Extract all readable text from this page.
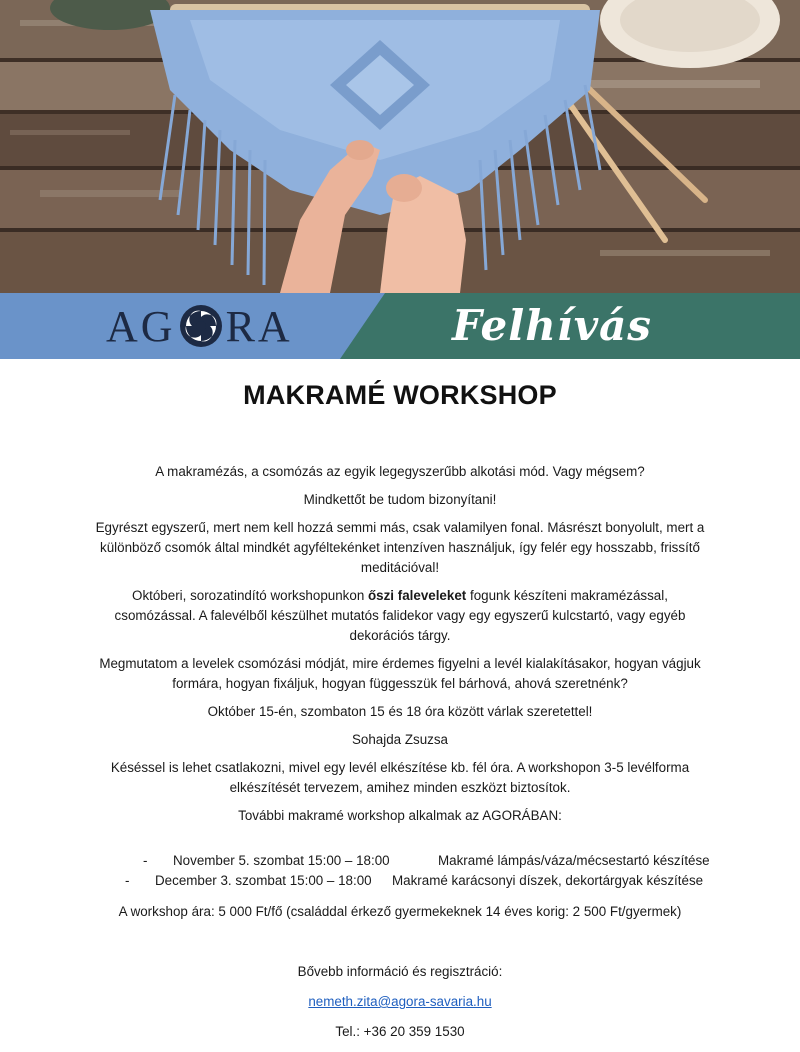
AG RA	Felhívás
MAKRAMÉ WORKSHOP

A makramézás, a csomózás az egyik legegyszerűbb alkotási mód. Vagy mégsem?

Mindkettőt be tudom bizonyítani!

Egyrészt egyszerű, mert nem kell hozzá semmi más, csak valamilyen fonal. Másrészt bonyolult, mert a különböző csomók által mindkét agyféltekénket intenzíven használjuk, így felér egy hosszabb, frissítő meditációval!

Októberi, sorozatindító workshopunkon őszi faleveleket fogunk készíteni makramézással, csomózással. A falevélből készülhet mutatós falidekor vagy egy egyszerű kulcstartó, vagy egyéb dekorációs tárgy.

Megmutatom a levelek csomózási módját, mire érdemes figyelni a levél kialakításakor, hogyan vágjuk formára, hogyan fixáljuk, hogyan függesszük fel bárhová, ahová szeretnénk?

Október 15-én, szombaton 15 és 18 óra között várlak szeretettel!

Sohajda Zsuzsa

Késéssel is lehet csatlakozni, mivel egy levél elkészítése kb. fél óra. A workshopon 3-5 levélforma elkészítését tervezem, amihez minden eszközt biztosítok.

További makramé workshop alkalmak az AGORÁBAN:

-	November 5. szombat 15:00 – 18:00	Makramé lámpás/váza/mécsestartó készítése
-	December 3. szombat 15:00 – 18:00	Makramé karácsonyi díszek, dekortárgyak készítése
A workshop ára: 5 000 Ft/fő (családdal érkező gyermekeknek 14 éves korig: 2 500 Ft/gyermek)

Bővebb információ és regisztráció:

nemeth.zita@agora-savaria.hu

Tel.: +36 20 359 1530
